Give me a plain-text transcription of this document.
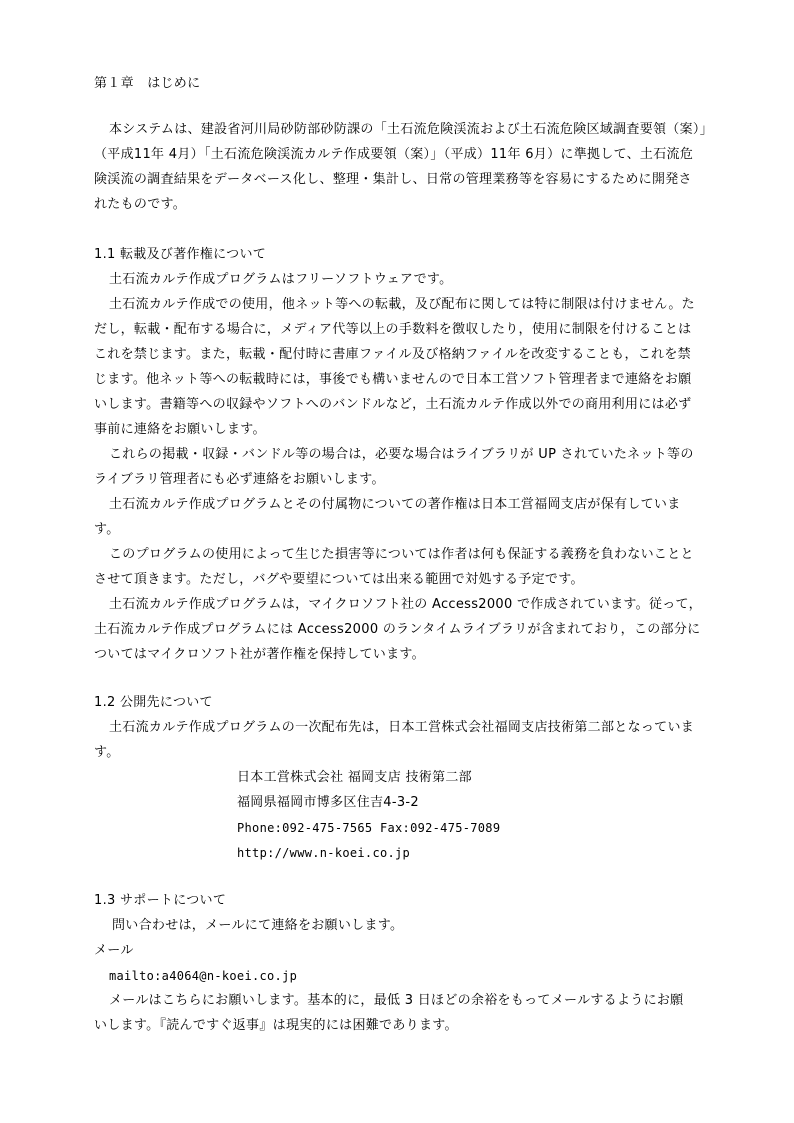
第１章　はじめに
本システムは、建設省河川局砂防部砂防課の「土石流危険渓流および土石流危険区域調査要領（案）」
（平成11年 4月）「土石流危険渓流カルテ作成要領（案）」（平成）11年 6月）に準拠して、土石流危
険渓流の調査結果をデータベース化し、整理・集計し、日常の管理業務等を容易にするために開発さ
れたものです。
1.1 転載及び著作権について
土石流カルテ作成プログラムはフリーソフトウェアです。
土石流カルテ作成での使用，他ネット等への転載，及び配布に関しては特に制限は付けません。た
だし，転載・配布する場合に，メディア代等以上の手数料を徴収したり，使用に制限を付けることは
これを禁じます。また，転載・配付時に書庫ファイル及び格納ファイルを改変することも，これを禁
じます。他ネット等への転載時には，事後でも構いませんので日本工営ソフト管理者まで連絡をお願
いします。書籍等への収録やソフトへのバンドルなど，土石流カルテ作成以外での商用利用には必ず
事前に連絡をお願いします。
これらの掲載・収録・バンドル等の場合は，必要な場合はライブラリが UP されていたネット等の
ライブラリ管理者にも必ず連絡をお願いします。
土石流カルテ作成プログラムとその付属物についての著作権は日本工営福岡支店が保有していま
す。
このプログラムの使用によって生じた損害等については作者は何も保証する義務を負わないことと
させて頂きます。ただし，バグや要望については出来る範囲で対処する予定です。
土石流カルテ作成プログラムは，マイクロソフト社の Access2000 で作成されています。従って，
土石流カルテ作成プログラムには Access2000 のランタイムライブラリが含まれており，この部分に
ついてはマイクロソフト社が著作権を保持しています。
1.2 公開先について
土石流カルテ作成プログラムの一次配布先は，日本工営株式会社福岡支店技術第二部となっていま
す。
日本工営株式会社 福岡支店 技術第二部
福岡県福岡市博多区住吉4-3-2
Phone:092-475-7565 Fax:092-475-7089
http://www.n-koei.co.jp
1.3 サポートについて
問い合わせは，メールにて連絡をお願いします。
メール
mailto:a4064@n-koei.co.jp
メールはこちらにお願いします。基本的に，最低 3 日ほどの余裕をもってメールするようにお願
いします。『読んですぐ返事』は現実的には困難であります。
